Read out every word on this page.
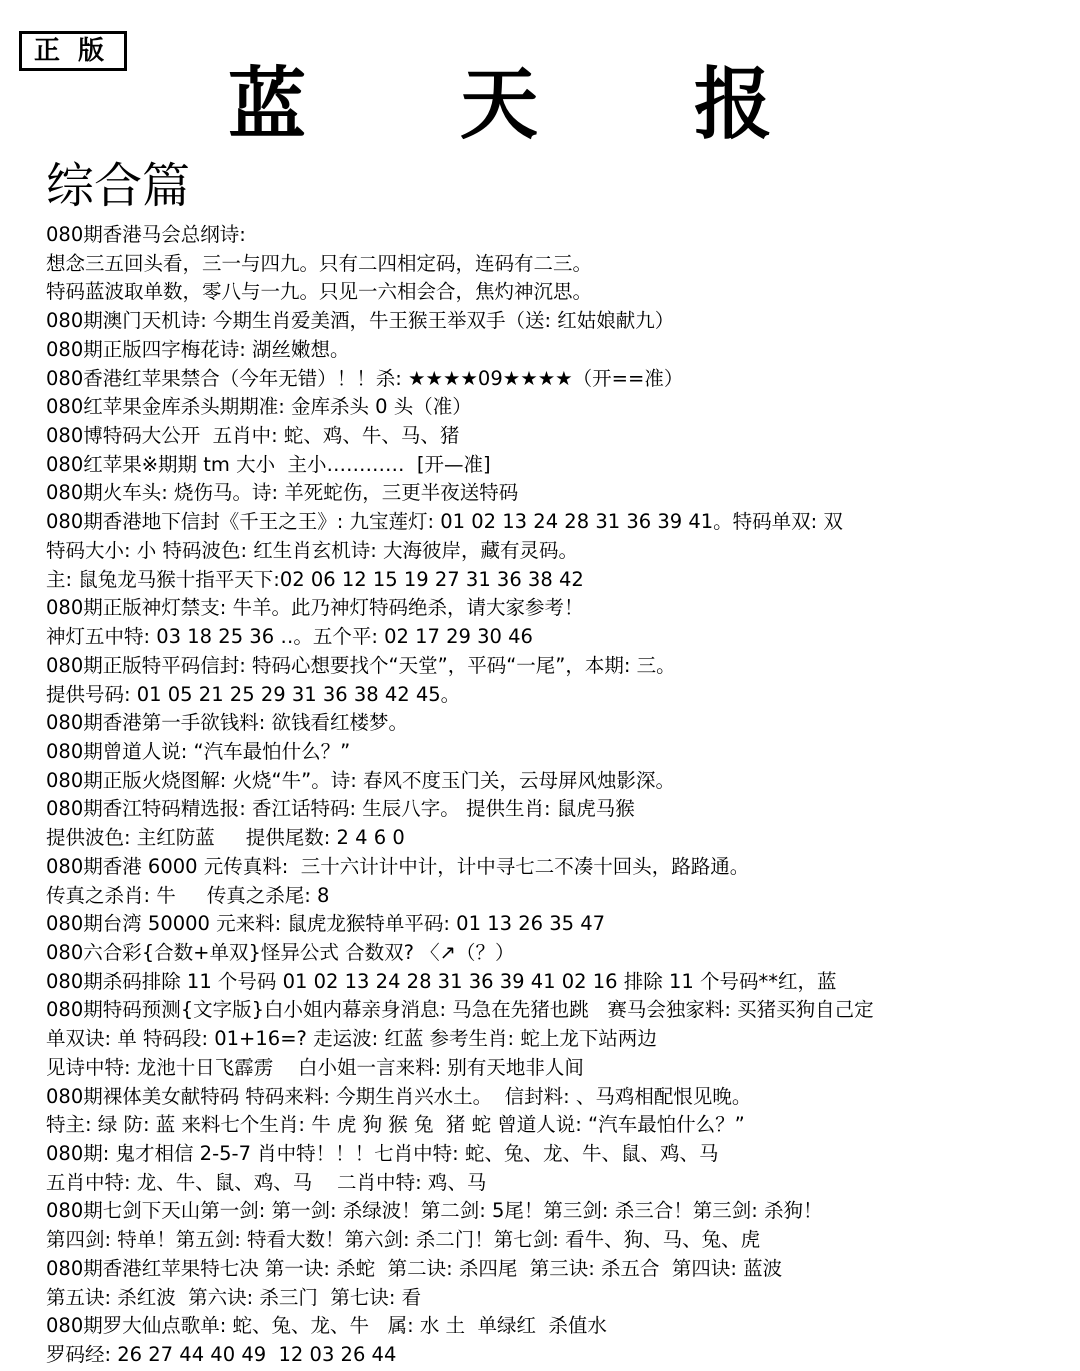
正版
蓝 天 报
综合篇
080期香港马会总纲诗:
想念三五回头看，三一与四九。只有二四相定码，连码有二三。
特码蓝波取单数，零八与一九。只见一六相会合，焦灼神沉思。
080期澳门天机诗: 今期生肖爱美酒，牛王猴王举双手（送: 红姑娘献九）
080期正版四字梅花诗: 湖丝嫩想。
080香港红苹果禁合（今年无错）！！杀: ★★★★09★★★★（开==准）
080红苹果金库杀头期期准: 金库杀头 0 头（准）
080博特码大公开  五肖中: 蛇、鸡、牛、马、猪
080红苹果※期期 tm 大小  主小…………  [开—准]
080期火车头: 烧伤马。诗: 羊死蛇伤，三更半夜送特码
080期香港地下信封《千王之王》: 九宝莲灯: 01 02 13 24 28 31 36 39 41。特码单双: 双
特码大小: 小 特码波色: 红生肖玄机诗: 大海彼岸，藏有灵码。
主: 鼠兔龙马猴十指平天下:02 06 12 15 19 27 31 36 38 42
080期正版神灯禁支: 牛羊。此乃神灯特码绝杀，请大家参考！
神灯五中特: 03 18 25 36 ‥。五个平: 02 17 29 30 46
080期正版特平码信封: 特码心想要找个“天堂”，平码“一尾”，本期: 三。
提供号码: 01 05 21 25 29 31 36 38 42 45。
080期香港第一手欲钱料: 欲钱看红楼梦。
080期曾道人说: “汽车最怕什么？”
080期正版火烧图解: 火烧“牛”。诗: 春风不度玉门关，云母屏风烛影深。
080期香江特码精选报: 香江话特码: 生辰八字。 提供生肖: 鼠虎马猴
提供波色: 主红防蓝     提供尾数: 2 4 6 0
080期香港 6000 元传真料:  三十六计计中计，计中寻七二不凑十回头，路路通。
传真之杀肖: 牛     传真之杀尾: 8
080期台湾 50000 元来料: 鼠虎龙猴特单平码: 01 13 26 35 47
080六合彩{合数+单双}怪异公式 合数双? 〈↗（？）
080期杀码排除 11 个号码 01 02 13 24 28 31 36 39 41 02 16 排除 11 个号码**红，蓝
080期特码预测{文字版}白小姐内幕亲身消息: 马急在先猪也跳   赛马会独家料: 买猪买狗自己定
单双诀: 单 特码段: 01+16=? 走运波: 红蓝 参考生肖: 蛇上龙下站两边
见诗中特: 龙池十日飞霹雳    白小姐一言来料: 别有天地非人间
080期裸体美女献特码 特码来料: 今期生肖兴水土。  信封料: 、马鸡相配恨见晚。
特主: 绿 防: 蓝 来料七个生肖: 牛 虎 狗 猴 兔  猪 蛇 曾道人说: “汽车最怕什么？”
080期: 鬼才相信 2-5-7 肖中特！！！七肖中特: 蛇、兔、龙、牛、鼠、鸡、马
五肖中特: 龙、牛、鼠、鸡、马    二肖中特: 鸡、马
080期七剑下天山第一剑: 第一剑: 杀绿波！第二剑: 5尾！第三剑: 杀三合！第三剑: 杀狗！
第四剑: 特单！第五剑: 特看大数！第六剑: 杀二门！第七剑: 看牛、狗、马、兔、虎
080期香港红苹果特七决 第一诀: 杀蛇  第二诀: 杀四尾  第三诀: 杀五合  第四诀: 蓝波
第五诀: 杀红波  第六诀: 杀三门  第七诀: 看
080期罗大仙点歌单: 蛇、兔、龙、牛   属: 水 土  单绿红  杀值水
罗码经: 26 27 44 40 49  12 03 26 44
